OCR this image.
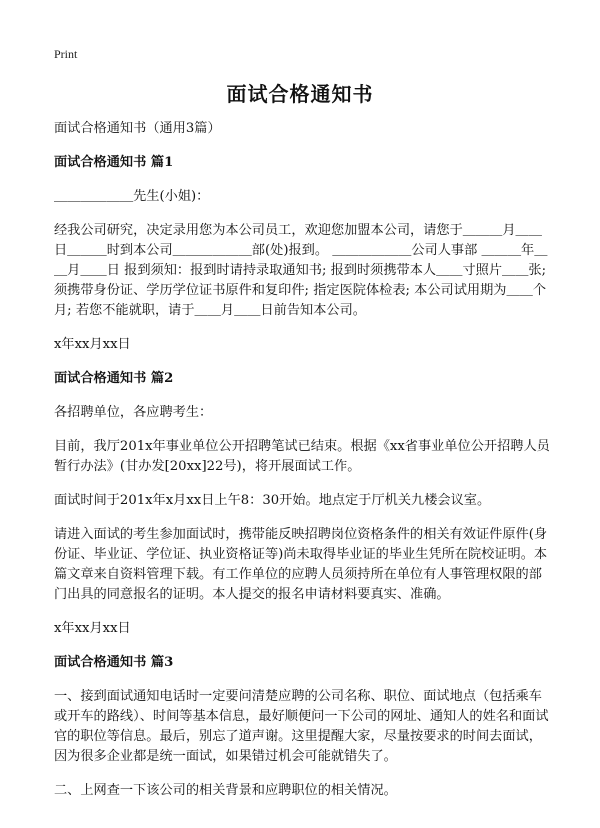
Print
面试合格通知书

面试合格通知书（通用3篇）

面试合格通知书 篇1

＿＿＿＿＿＿先生(小姐)：

经我公司研究，决定录用您为本公司员工，欢迎您加盟本公司，请您于＿＿＿月＿＿日＿＿＿时到本公司＿＿＿＿＿＿部(处)报到。 ＿＿＿＿＿＿公司人事部 ＿＿＿年＿＿月＿＿日 报到须知：报到时请持录取通知书; 报到时须携带本人＿＿寸照片＿＿张; 须携带身份证、学历学位证书原件和复印件; 指定医院体检表; 本公司试用期为＿＿个月; 若您不能就职，请于＿＿月＿＿日前告知本公司。

x年xx月xx日

面试合格通知书 篇2

各招聘单位，各应聘考生：

目前，我厅201x年事业单位公开招聘笔试已结束。根据《xx省事业单位公开招聘人员暂行办法》(甘办发[20xx]22号)，将开展面试工作。

面试时间于201x年x月xx日上午8：30开始。地点定于厅机关九楼会议室。

请进入面试的考生参加面试时，携带能反映招聘岗位资格条件的相关有效证件原件(身份证、毕业证、学位证、执业资格证等)尚未取得毕业证的毕业生凭所在院校证明。本篇文章来自资料管理下载。有工作单位的应聘人员须持所在单位有人事管理权限的部门出具的同意报名的证明。本人提交的报名申请材料要真实、准确。

x年xx月xx日

面试合格通知书 篇3

一、接到面试通知电话时一定要问清楚应聘的公司名称、职位、面试地点（包括乘车或开车的路线）、时间等基本信息，最好顺便问一下公司的网址、通知人的姓名和面试官的职位等信息。最后，别忘了道声谢。这里提醒大家，尽量按要求的时间去面试，因为很多企业都是统一面试，如果错过机会可能就错失了。

二、上网查一下该公司的相关背景和应聘职位的相关情况。
